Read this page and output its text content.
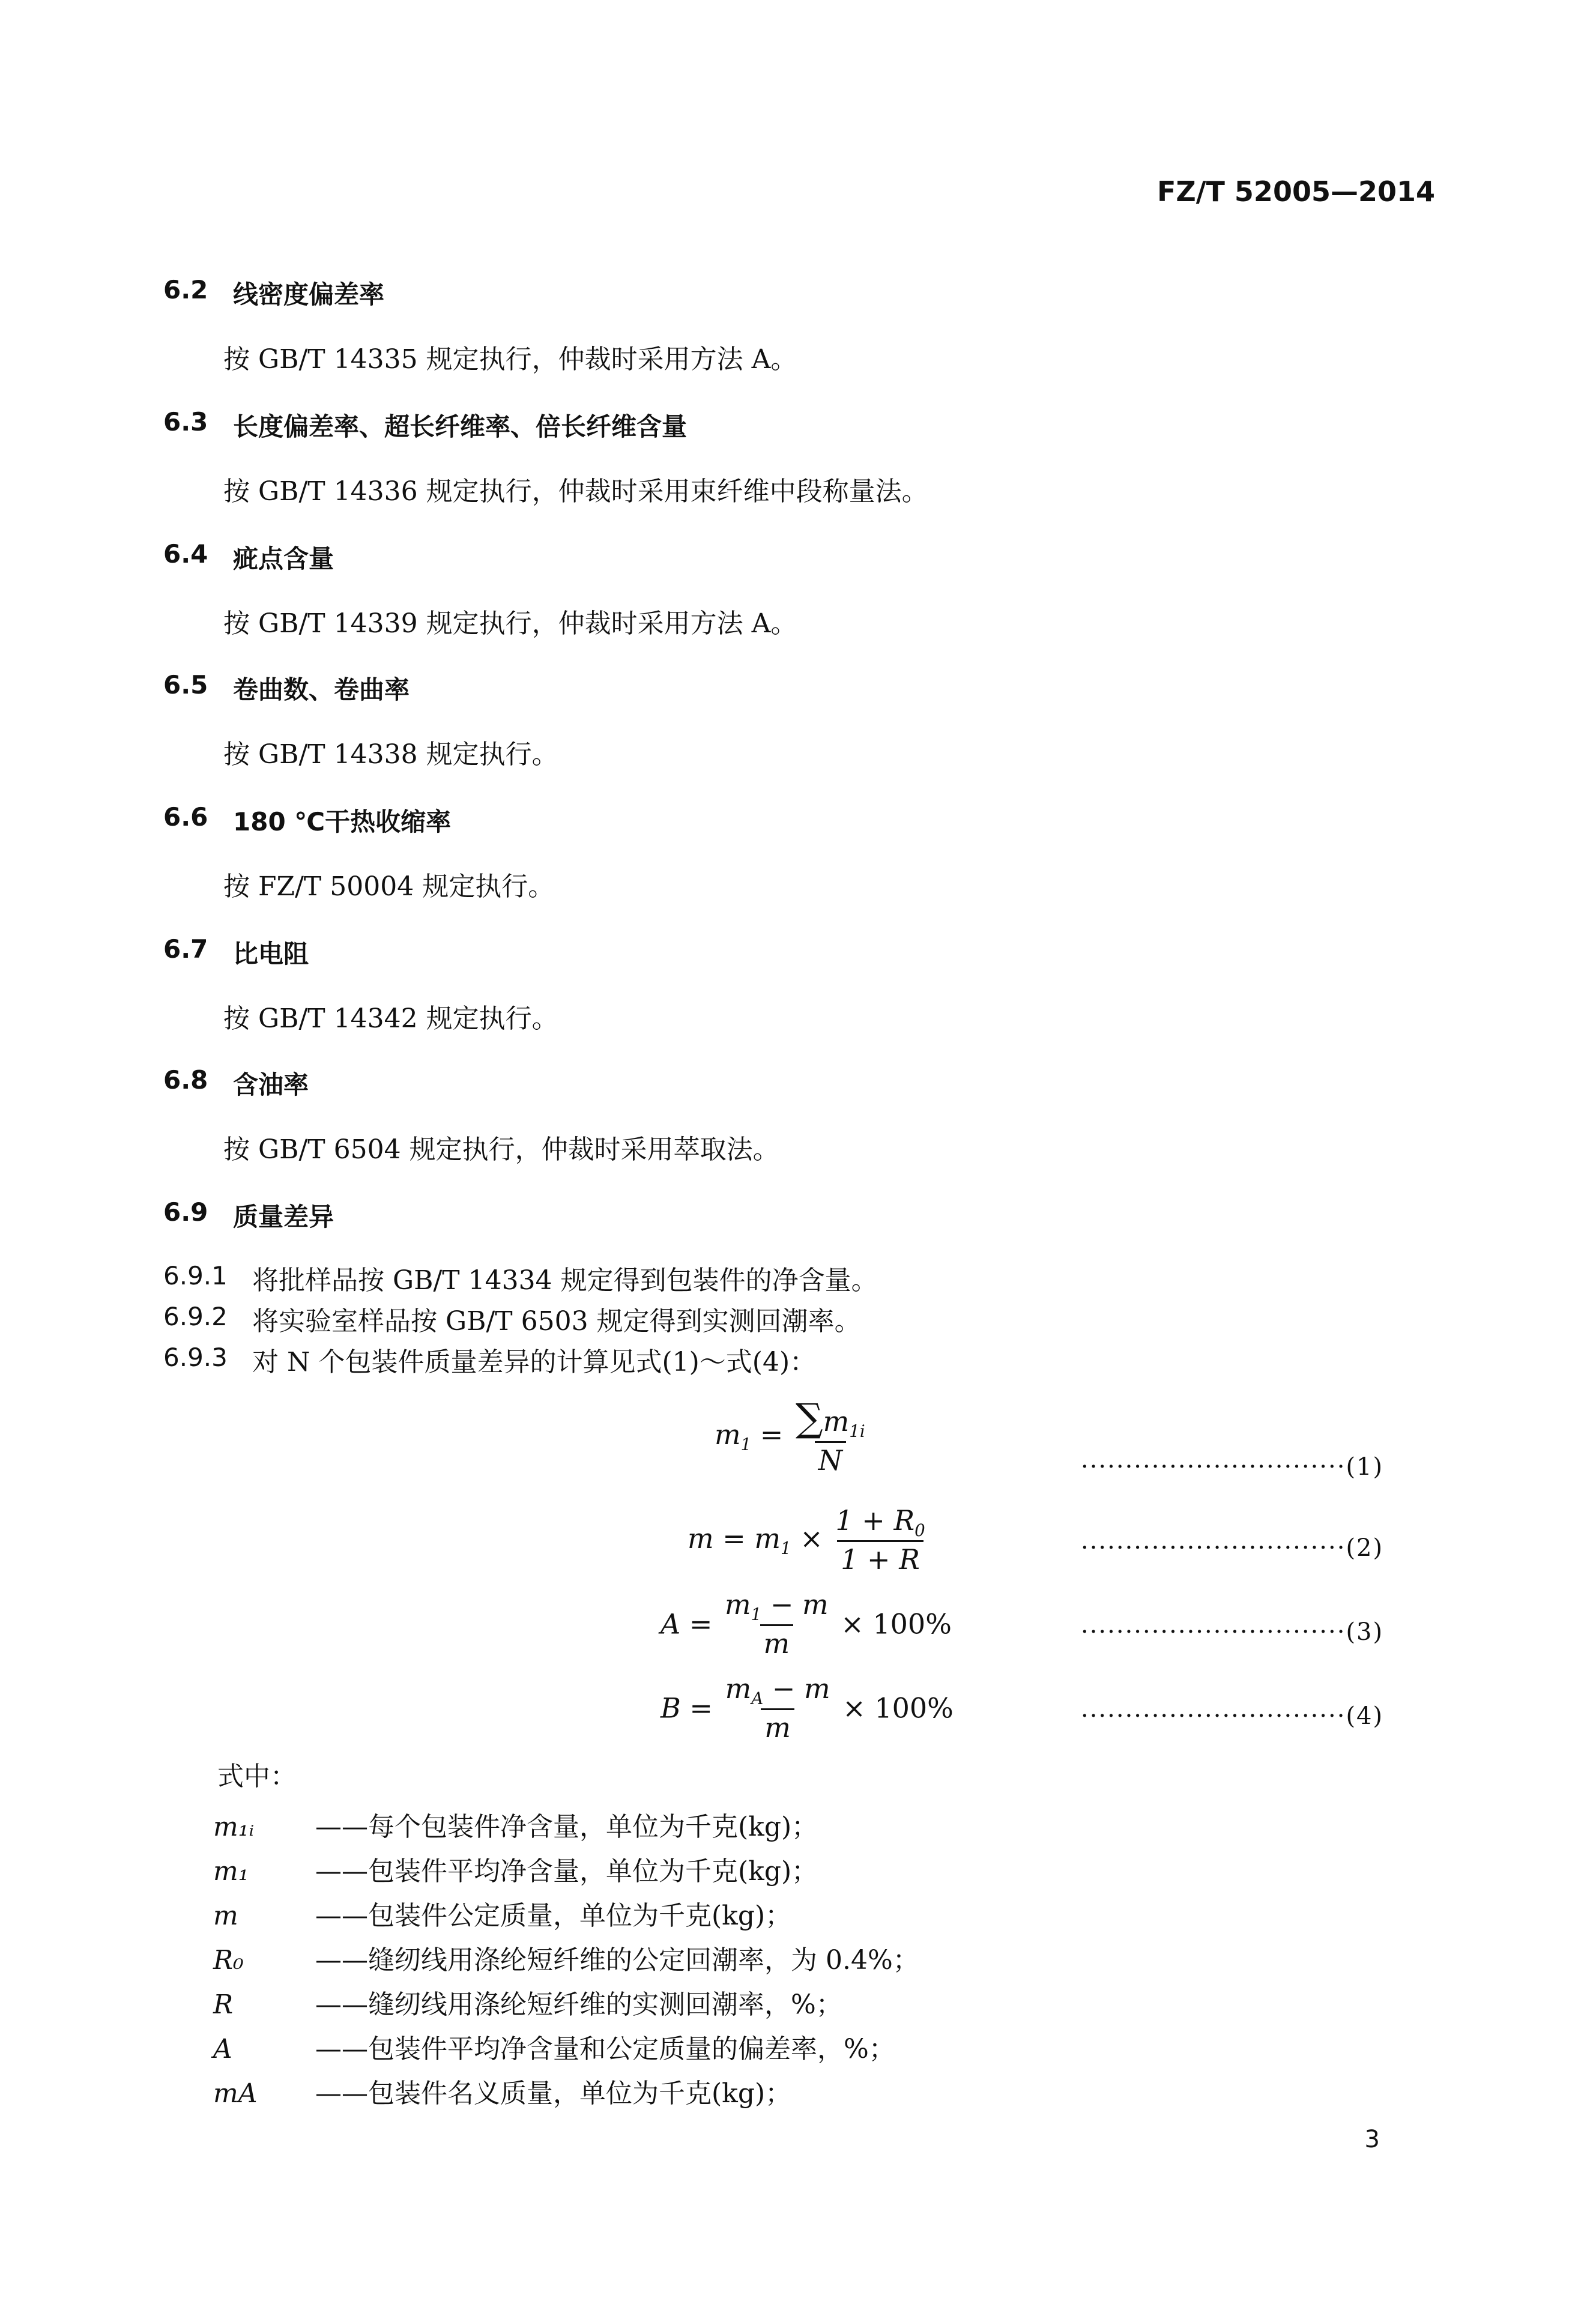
FZ/T 52005—2014
6.2 线密度偏差率
按 GB/T 14335 规定执行，仲裁时采用方法 A。
6.3 长度偏差率、超长纤维率、倍长纤维含量
按 GB/T 14336 规定执行，仲裁时采用束纤维中段称量法。
6.4 疵点含量
按 GB/T 14339 规定执行，仲裁时采用方法 A。
6.5 卷曲数、卷曲率
按 GB/T 14338 规定执行。
6.6 180 ℃干热收缩率
按 FZ/T 50004 规定执行。
6.7 比电阻
按 GB/T 14342 规定执行。
6.8 含油率
按 GB/T 6504 规定执行，仲裁时采用萃取法。
6.9 质量差异
6.9.1 将批样品按 GB/T 14334 规定得到包装件的净含量。
6.9.2 将实验室样品按 GB/T 6503 规定得到实测回潮率。
6.9.3 对 N 个包装件质量差异的计算见式(1)～式(4)：
$m_1 = \frac{\sum m_{1i}}{N}$	······························(1)
$m = m_1 \times \frac{1 + R_0}{1 + R}$	······························(2)
$A = \frac{m_1 - m}{m} \times 100\%$	······························(3)
$B = \frac{m_A - m}{m} \times 100\%$	······························(4)
式中：
m₁ᵢ ——每个包装件净含量，单位为千克(kg)；
m₁	——包装件平均净含量，单位为千克(kg)；
m	——包装件公定质量，单位为千克(kg)；
R₀	——缝纫线用涤纶短纤维的公定回潮率，为 0.4%；
R	——缝纫线用涤纶短纤维的实测回潮率，%；
A	——包装件平均净含量和公定质量的偏差率，%；
mA ——包装件名义质量，单位为千克(kg)；
3
